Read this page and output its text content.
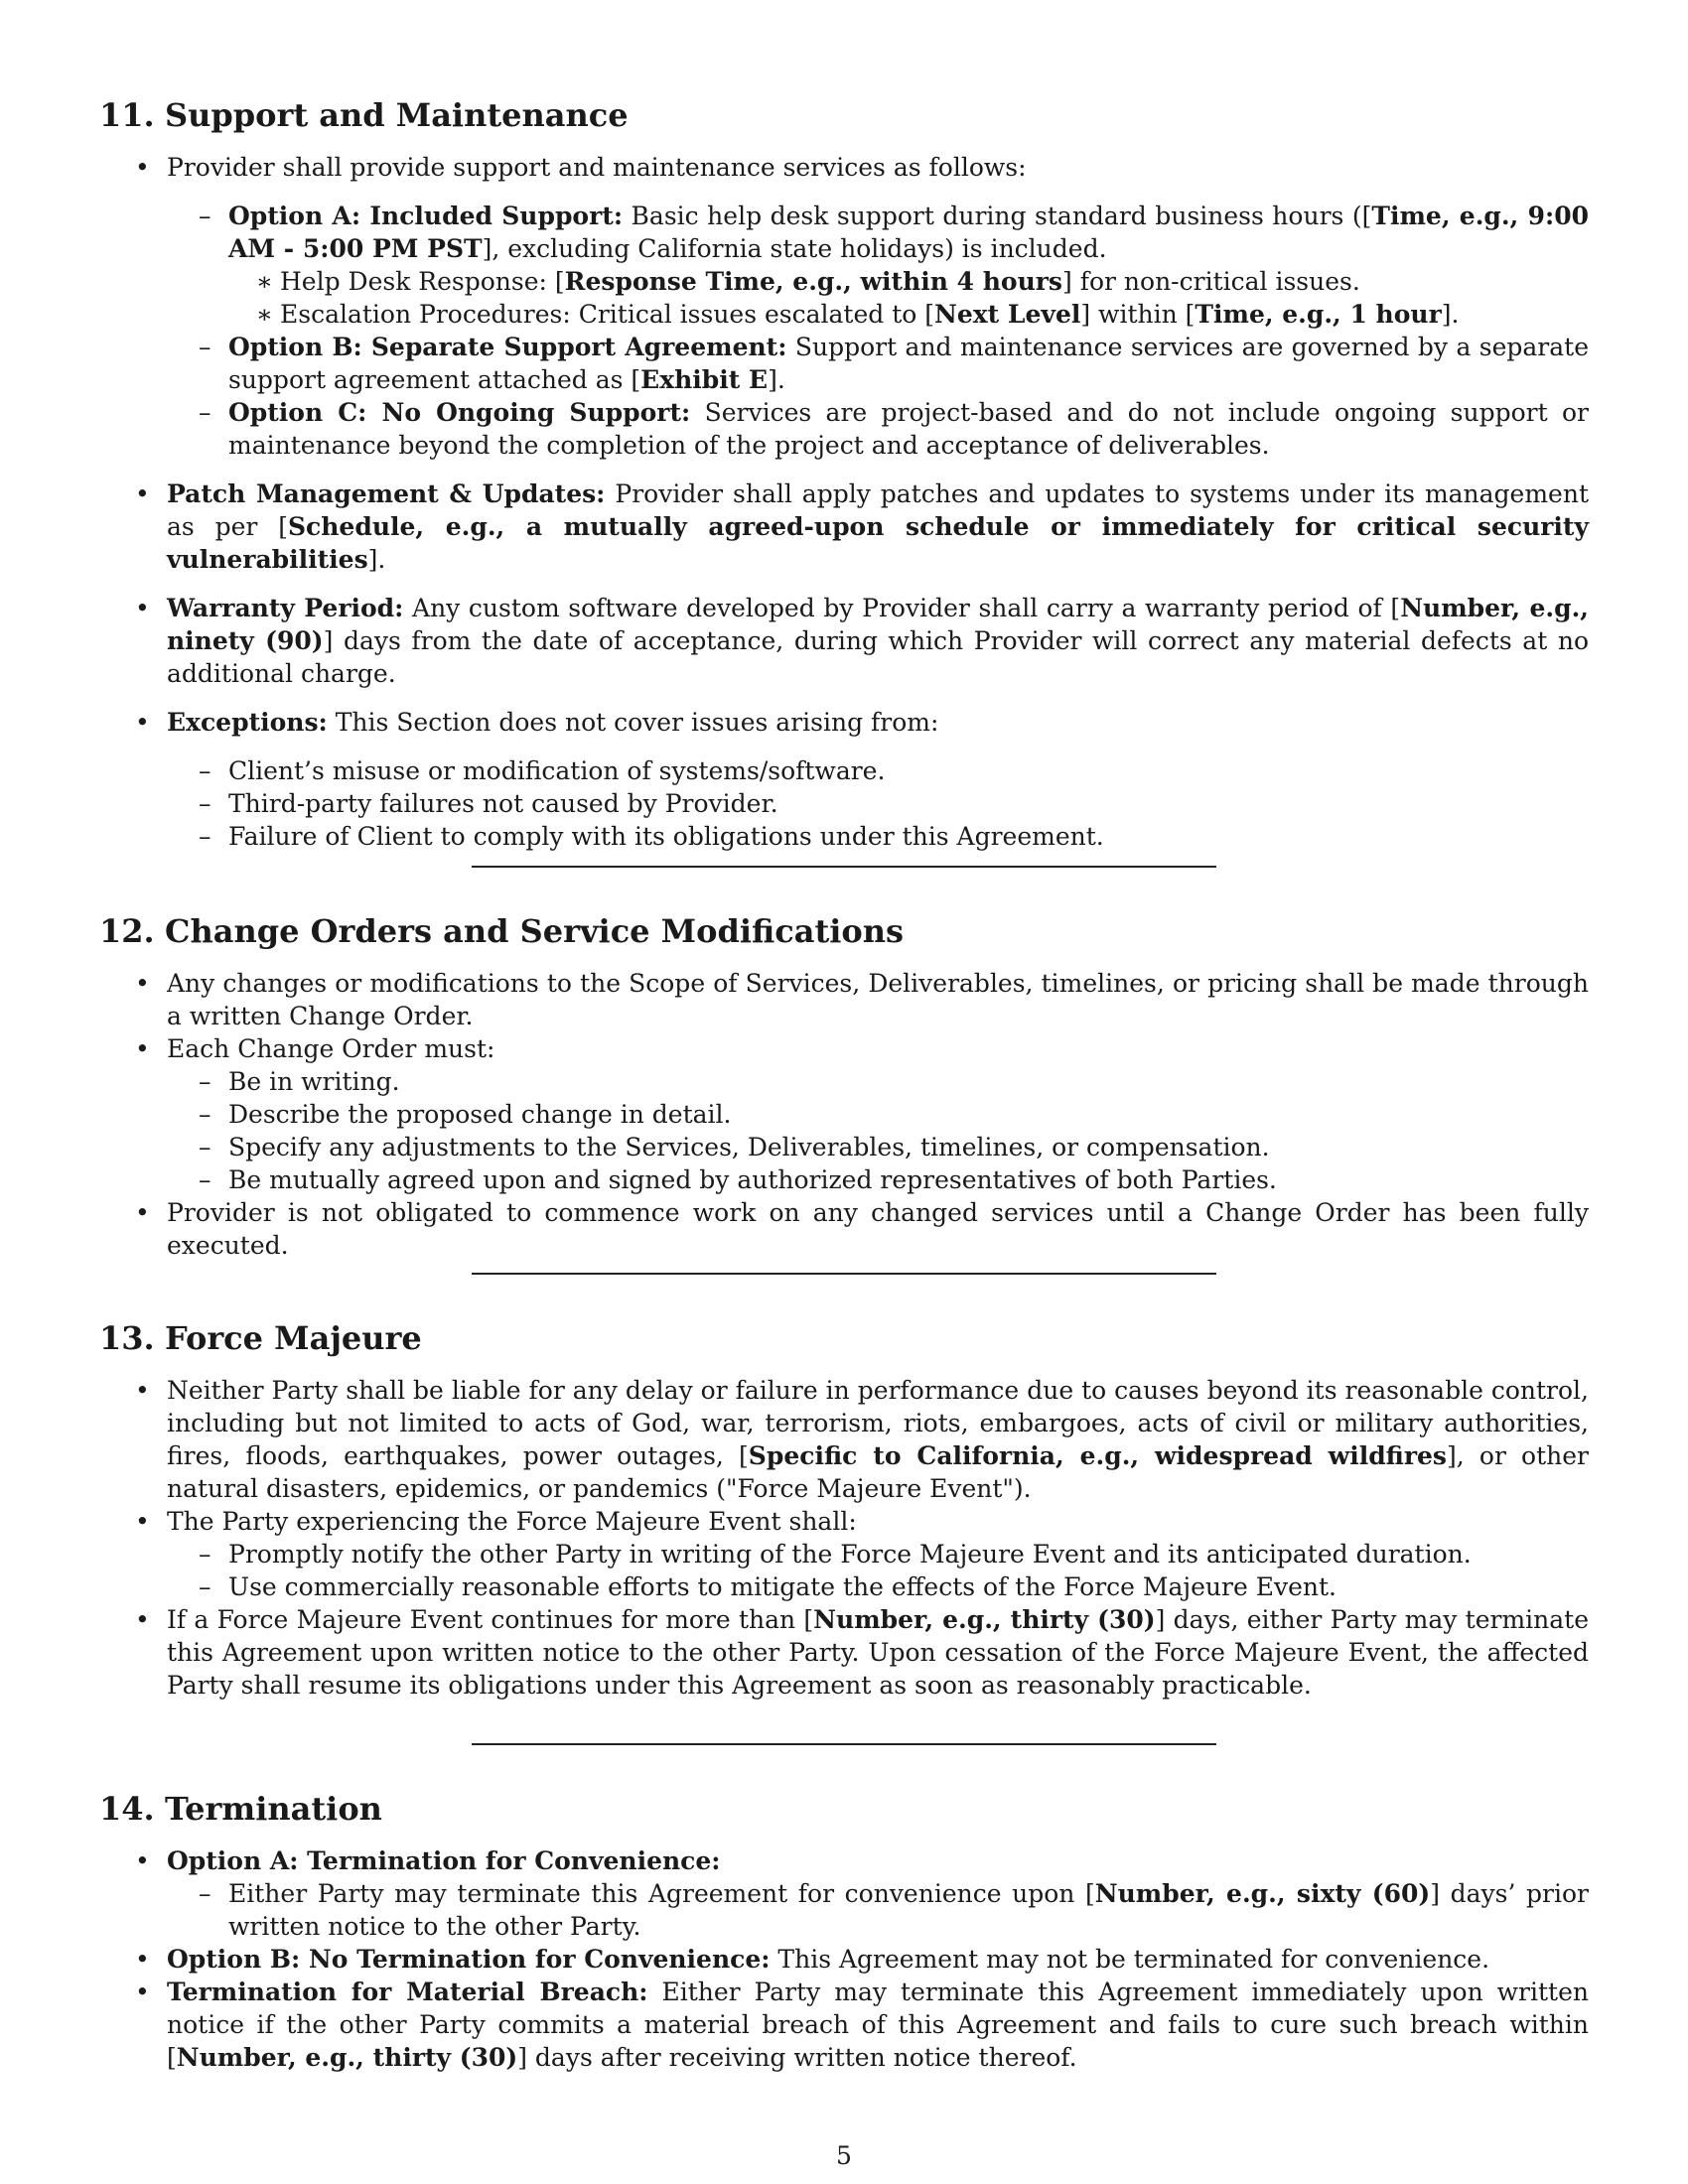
11. Support and Maintenance
• Provider shall provide support and maintenance services as follows:
– Option A: Included Support: Basic help desk support during standard business hours ([Time, e.g., 9:00 AM - 5:00 PM PST], excluding California state holidays) is included.
∗ Help Desk Response: [Response Time, e.g., within 4 hours] for non-critical issues.
∗ Escalation Procedures: Critical issues escalated to [Next Level] within [Time, e.g., 1 hour].
– Option B: Separate Support Agreement: Support and maintenance services are governed by a separate support agreement attached as [Exhibit E].
– Option C: No Ongoing Support: Services are project-based and do not include ongoing support or maintenance beyond the completion of the project and acceptance of deliverables.
• Patch Management & Updates: Provider shall apply patches and updates to systems under its management as per [Schedule, e.g., a mutually agreed-upon schedule or immediately for critical security vulnerabilities].
• Warranty Period: Any custom software developed by Provider shall carry a warranty period of [Number, e.g., ninety (90)] days from the date of acceptance, during which Provider will correct any material defects at no additional charge.
• Exceptions: This Section does not cover issues arising from:
– Client’s misuse or modification of systems/software.
– Third-party failures not caused by Provider.
– Failure of Client to comply with its obligations under this Agreement.
12. Change Orders and Service Modifications
• Any changes or modifications to the Scope of Services, Deliverables, timelines, or pricing shall be made through a written Change Order.
• Each Change Order must:
– Be in writing.
– Describe the proposed change in detail.
– Specify any adjustments to the Services, Deliverables, timelines, or compensation.
– Be mutually agreed upon and signed by authorized representatives of both Parties.
• Provider is not obligated to commence work on any changed services until a Change Order has been fully executed.
13. Force Majeure
• Neither Party shall be liable for any delay or failure in performance due to causes beyond its reasonable control, including but not limited to acts of God, war, terrorism, riots, embargoes, acts of civil or military authorities, fires, floods, earthquakes, power outages, [Specific to California, e.g., widespread wildfires], or other natural disasters, epidemics, or pandemics ("Force Majeure Event").
• The Party experiencing the Force Majeure Event shall:
– Promptly notify the other Party in writing of the Force Majeure Event and its anticipated duration.
– Use commercially reasonable efforts to mitigate the effects of the Force Majeure Event.
• If a Force Majeure Event continues for more than [Number, e.g., thirty (30)] days, either Party may terminate this Agreement upon written notice to the other Party. Upon cessation of the Force Majeure Event, the affected Party shall resume its obligations under this Agreement as soon as reasonably practicable.
14. Termination
• Option A: Termination for Convenience:
– Either Party may terminate this Agreement for convenience upon [Number, e.g., sixty (60)] days’ prior written notice to the other Party.
• Option B: No Termination for Convenience: This Agreement may not be terminated for convenience.
• Termination for Material Breach: Either Party may terminate this Agreement immediately upon written notice if the other Party commits a material breach of this Agreement and fails to cure such breach within [Number, e.g., thirty (30)] days after receiving written notice thereof.
5
